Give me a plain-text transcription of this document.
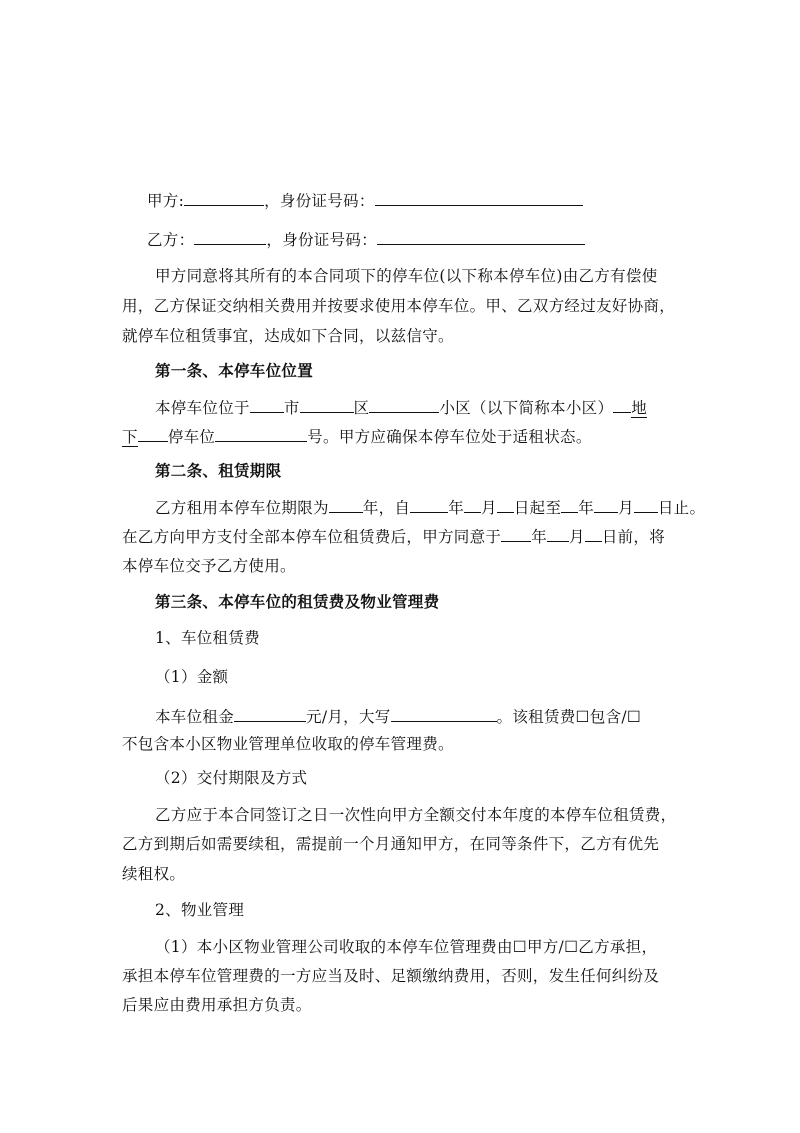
甲方:	，身份证号码：
乙方：	，身份证号码：
甲方同意将其所有的本合同项下的停车位(以下称本停车位)由乙方有偿使
用，乙方保证交纳相关费用并按要求使用本停车位。甲、乙双方经过友好协商，
就停车位租赁事宜，达成如下合同，以兹信守。
第一条、本停车位位置
本停车位位于 市	区	小区（以下简称本小区） 地
下 停车位	号。甲方应确保本停车位处于适租状态。
第二条、租赁期限
乙方租用本停车位期限为 年，自 年 月 日起至 年 月 日止。
在乙方向甲方支付全部本停车位租赁费后，甲方同意于 年 月 日前，将
本停车位交予乙方使用。
第三条、本停车位的租赁费及物业管理费
1、车位租赁费
（1）金额
本车位租金	元/月，大写	。该租赁费☐包含/☐
不包含本小区物业管理单位收取的停车管理费。
（2）交付期限及方式
乙方应于本合同签订之日一次性向甲方全额交付本年度的本停车位租赁费，
乙方到期后如需要续租，需提前一个月通知甲方，在同等条件下，乙方有优先
续租权。
2、物业管理
（1）本小区物业管理公司收取的本停车位管理费由☐甲方/☐乙方承担，
承担本停车位管理费的一方应当及时、足额缴纳费用，否则，发生任何纠纷及
后果应由费用承担方负责。
